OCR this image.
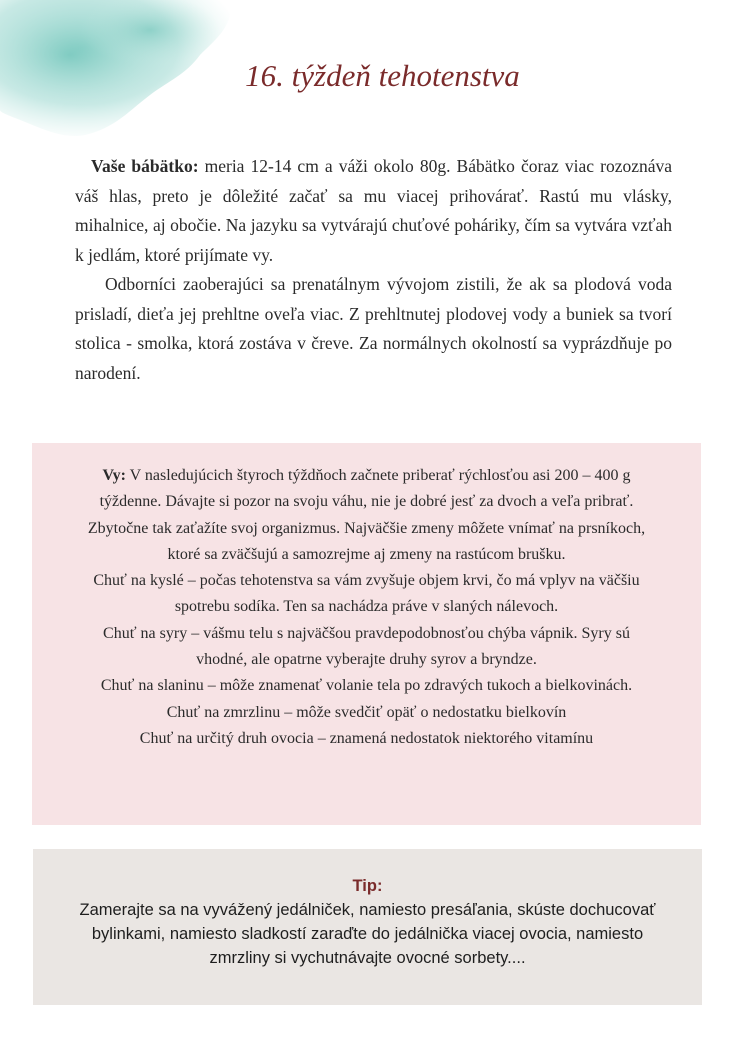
16. týždeň tehotenstva

Vaše bábätko: meria 12-14 cm a váži okolo 80g. Bábätko čoraz viac rozoznáva váš hlas, preto je dôležité začať sa mu viacej prihovárať. Rastú mu vlásky, mihalnice, aj obočie. Na jazyku sa vytvárajú chuťové poháriky, čím sa vytvára vzťah k jedlám, ktoré prijímate vy.

Odborníci zaoberajúci sa prenatálnym vývojom zistili, že ak sa plodová voda prisladí, dieťa jej prehltne oveľa viac. Z prehltnutej plodovej vody a buniek sa tvorí stolica - smolka, ktorá zostáva v čreve. Za normálnych okolností sa vyprázdňuje po narodení.

Vy: V nasledujúcich štyroch týždňoch začnete priberať rýchlosťou asi 200 – 400 g týždenne. Dávajte si pozor na svoju váhu, nie je dobré jesť za dvoch a veľa pribrať. Zbytočne tak zaťažíte svoj organizmus. Najväčšie zmeny môžete vnímať na prsníkoch, ktoré sa zväčšujú a samozrejme aj zmeny na rastúcom brušku.

Chuť na kyslé – počas tehotenstva sa vám zvyšuje objem krvi, čo má vplyv na väčšiu spotrebu sodíka. Ten sa nachádza práve v slaných nálevoch.

Chuť na syry – vášmu telu s najväčšou pravdepodobnosťou chýba vápnik. Syry sú vhodné, ale opatrne vyberajte druhy syrov a bryndze.

Chuť na slaninu – môže znamenať volanie tela po zdravých tukoch a bielkovinách.

Chuť na zmrzlinu – môže svedčiť opäť o nedostatku bielkovín

Chuť na určitý druh ovocia – znamená nedostatok niektorého vitamínu

Tip:

Zamerajte sa na vyvážený jedálniček, namiesto presáľania, skúste dochucovať bylinkami, namiesto sladkostí zaraďte do jedálnička viacej ovocia, namiesto zmrzliny si vychutnávajte ovocné sorbety....
